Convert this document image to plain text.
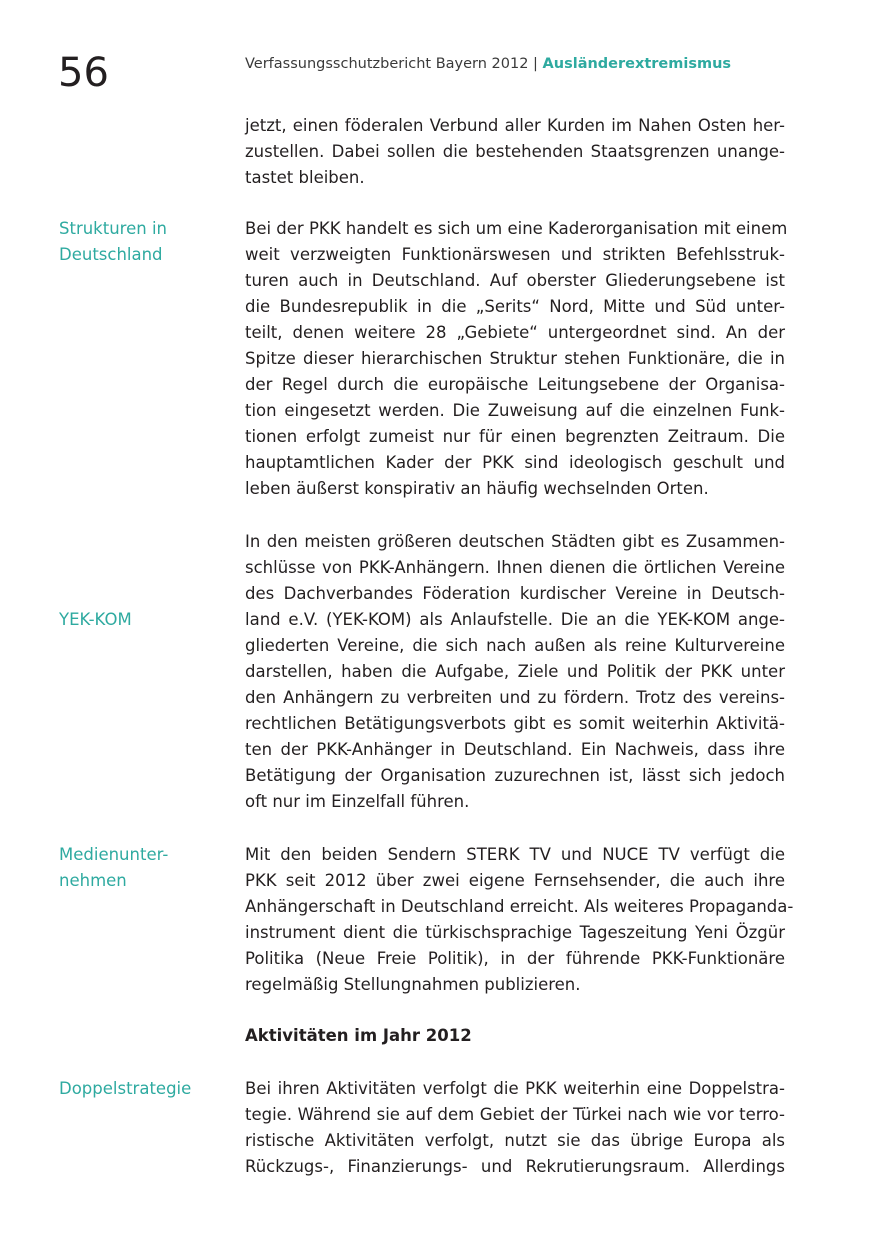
56	Verfassungsschutzbericht Bayern 2012 | Ausländerextremismus
Strukturen in
Deutschland
YEK-KOM
Medienunter-
nehmen
Doppelstrategie
jetzt, einen föderalen Verbund aller Kurden im Nahen Osten her-
zustellen. Dabei sollen die bestehenden Staatsgrenzen unange-
tastet bleiben.
Bei der PKK handelt es sich um eine Kaderorganisation mit einem
weit verzweigten Funktionärswesen und strikten Befehlsstruk-
turen auch in Deutschland. Auf oberster Gliederungsebene ist
die Bundesrepublik in die „Serits“ Nord, Mitte und Süd unter-
teilt, denen weitere 28 „Gebiete“ untergeordnet sind. An der
Spitze dieser hierarchischen Struktur stehen Funktionäre, die in
der Regel durch die europäische Leitungsebene der Organisa-
tion eingesetzt werden. Die Zuweisung auf die einzelnen Funk-
tionen erfolgt zumeist nur für einen begrenzten Zeitraum. Die
hauptamtlichen Kader der PKK sind ideologisch geschult und
leben äußerst konspirativ an häufig wechselnden Orten.
In den meisten größeren deutschen Städten gibt es Zusammen-
schlüsse von PKK-Anhängern. Ihnen dienen die örtlichen Vereine
des Dachverbandes Föderation kurdischer Vereine in Deutsch-
land e.V. (YEK-KOM) als Anlaufstelle. Die an die YEK-KOM ange-
gliederten Vereine, die sich nach außen als reine Kulturvereine
darstellen, haben die Aufgabe, Ziele und Politik der PKK unter
den Anhängern zu verbreiten und zu fördern. Trotz des vereins-
rechtlichen Betätigungsverbots gibt es somit weiterhin Aktivitä-
ten der PKK-Anhänger in Deutschland. Ein Nachweis, dass ihre
Betätigung der Organisation zuzurechnen ist, lässt sich jedoch
oft nur im Einzelfall führen.
Mit den beiden Sendern STERK TV und NUCE TV verfügt die
PKK seit 2012 über zwei eigene Fernsehsender, die auch ihre
Anhängerschaft in Deutschland erreicht. Als weiteres Propaganda-
instrument dient die türkischsprachige Tageszeitung Yeni Özgür
Politika (Neue Freie Politik), in der führende PKK-Funktionäre
regelmäßig Stellungnahmen publizieren.
Aktivitäten im Jahr 2012
Bei ihren Aktivitäten verfolgt die PKK weiterhin eine Doppelstra-
tegie. Während sie auf dem Gebiet der Türkei nach wie vor terro-
ristische Aktivitäten verfolgt, nutzt sie das übrige Europa als
Rückzugs-, Finanzierungs- und Rekrutierungsraum. Allerdings
